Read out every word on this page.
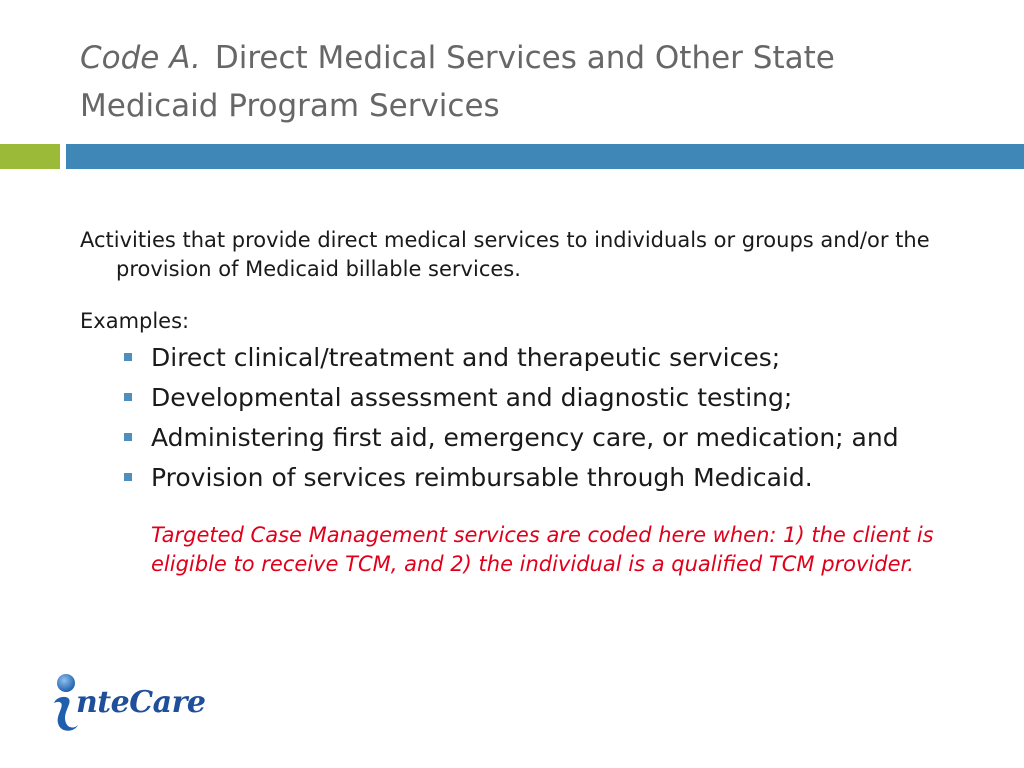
Code A. Direct Medical Services and Other State Medicaid Program Services

Activities that provide direct medical services to individuals or groups and/or the provision of Medicaid billable services.

Examples:

Direct clinical/treatment and therapeutic services;
Developmental assessment and diagnostic testing;
Administering first aid, emergency care, or medication; and
Provision of services reimbursable through Medicaid.

Targeted Case Management services are coded here when: 1) the client is eligible to receive TCM, and 2) the individual is a qualified TCM provider.

nteCare
